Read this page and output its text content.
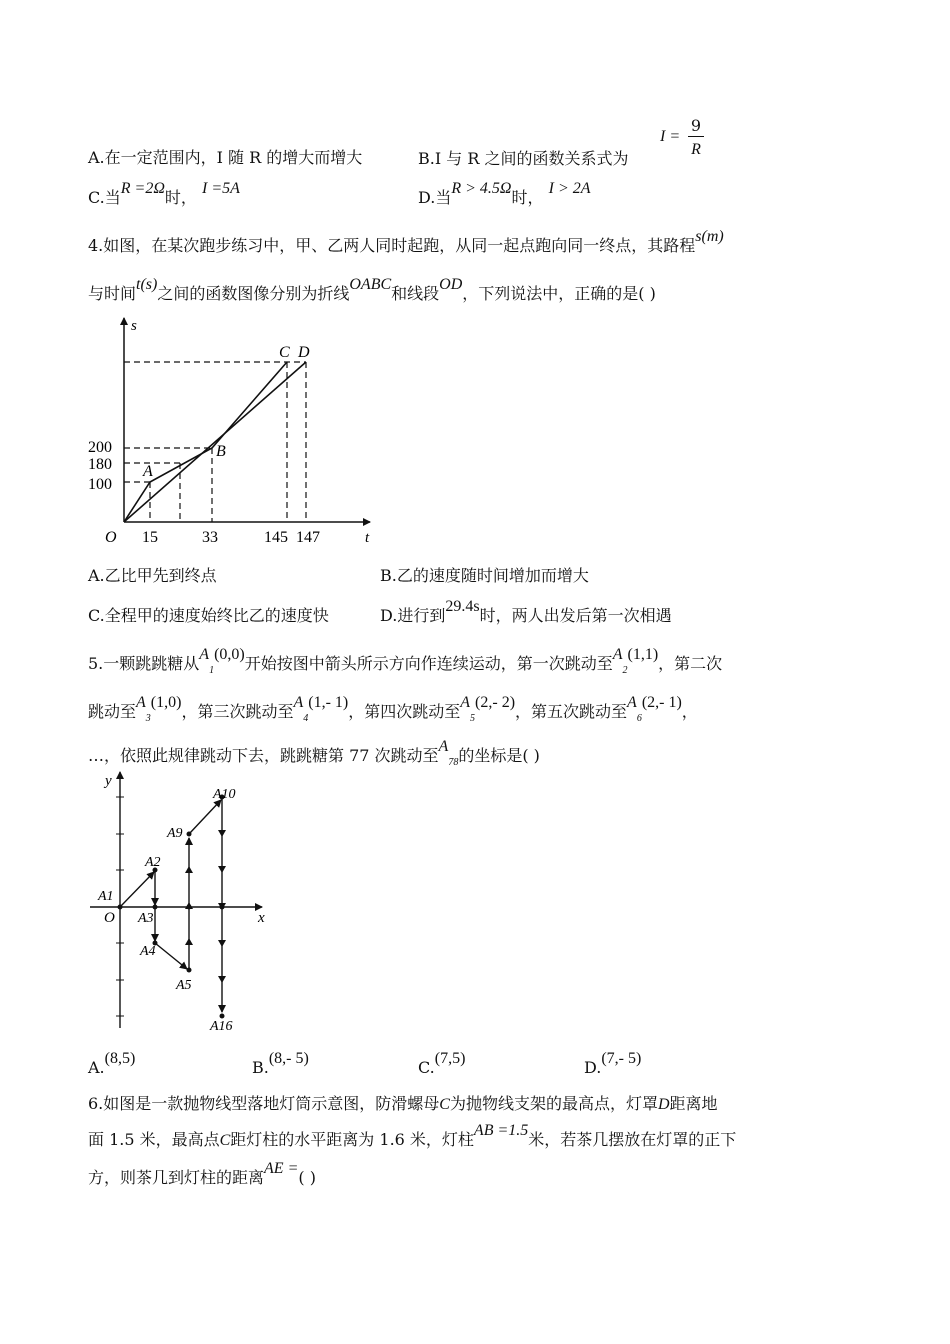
A.在一定范围内，I 随 R 的增大而增大	B.I 与 R 之间的函数关系式为
I =
9
R
C.当R =2Ω时， I =5A	D.当R > 4.5Ω时， I > 2A
4.如图，在某次跑步练习中，甲、乙两人同时起跑，从同一起点跑向同一终点，其路程s(m)
与时间t(s)之间的函数图像分别为折线OABC和线段OD，下列说法中，正确的是( )
s
t
O
200
180
100
15	33	145 147
A
B
C D
A.乙比甲先到终点	B.乙的速度随时间增加而增大
C.全程甲的速度始终比乙的速度快	D.进行到29.4s时，两人出发后第一次相遇
5.一颗跳跳糖从$A_1(0,0)$开始按图中箭头所示方向作连续运动，第一次跳动至$A_2(1,1)$，第二次
跳动至$A_3(1,0)$，第三次跳动至$A_4(1,-$ 1)，第四次跳动至$A_5(2,-$ 2)，第五次跳动至$A_6(2,-$ 1)，
…，依照此规律跳动下去，跳跳糖第 77 次跳动至$A_{78}$的坐标是( )
y
x
O
A1
A2
A3
A4
A5
A9
A10
A16
A.(8,5)	B.(8,- 5)	C.(7,5)	D.(7,- 5)
6.如图是一款抛物线型落地灯筒示意图，防滑螺母C为抛物线支架的最高点，灯罩D距离地
面 1.5 米，最高点C距灯柱的水平距离为 1.6 米，灯柱AB =1.5米，若茶几摆放在灯罩的正下
方，则茶几到灯柱的距离AE =( )
